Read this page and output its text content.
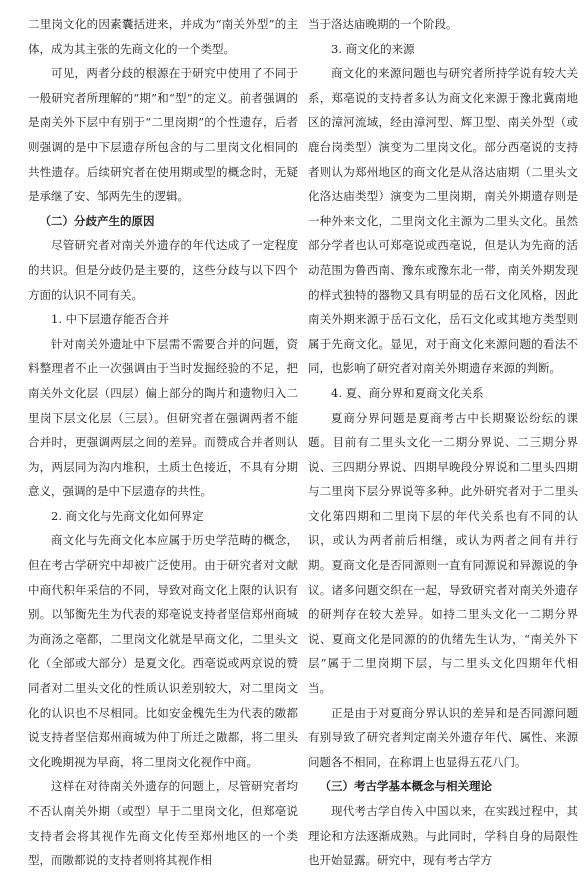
二里岗文化的因素囊括进来，并成为“南关外型”的主体，成为其主张的先商文化的一个类型。

可见，两者分歧的根源在于研究中使用了不同于一般研究者所理解的“期”和“型”的定义。前者强调的是南关外下层中有别于“二里岗期”的个性遗存，后者则强调的是中下层遗存所包含的与二里岗文化相同的共性遗存。后续研究者在使用期或型的概念时，无疑是承继了安、邹两先生的逻辑。

（二）分歧产生的原因

尽管研究者对南关外遗存的年代达成了一定程度的共识。但是分歧仍是主要的，这些分歧与以下四个方面的认识不同有关。

1. 中下层遗存能否合并

针对南关外遗址中下层需不需要合并的问题，资料整理者不止一次强调由于当时发掘经验的不足，把南关外文化层（四层）偏上部分的陶片和遗物归入二里岗下层文化层（三层）。但研究者在强调两者不能合并时，更强调两层之间的差异。而赞成合并者则认为，两层同为沟内堆积，土质土色接近，不具有分期意义，强调的是中下层遗存的共性。

2. 商文化与先商文化如何界定

商文化与先商文化本应属于历史学范畴的概念，但在考古学研究中却被广泛使用。由于研究者对文献中商代积年采信的不同，导致对商文化上限的认识有别。以邹衡先生为代表的郑亳说支持者坚信郑州商城为商汤之亳都，二里岗文化就是早商文化，二里头文化（全部或大部分）是夏文化。西亳说或两京说的赞同者对二里头文化的性质认识差别较大，对二里岗文化的认识也不尽相同。比如安金槐先生为代表的隞都说支持者坚信郑州商城为仲丁所迁之隞都，将二里头文化晚期视为早商，将二里岗文化视作中商。

这样在对待南关外遗存的问题上，尽管研究者均不否认南关外期（或型）早于二里岗文化，但郑亳说支持者会将其视作先商文化传至郑州地区的一个类型，而隞都说的支持者则将其视作相

当于洛达庙晚期的一个阶段。

3. 商文化的来源

商文化的来源问题也与研究者所持学说有较大关系，郑亳说的支持者多认为商文化来源于豫北冀南地区的漳河流域，经由漳河型、辉卫型、南关外型（或鹿台岗类型）演变为二里岗文化。部分西亳说的支持者则认为郑州地区的商文化是从洛达庙期（二里头文化洛达庙类型）演变为二里岗期，南关外期遗存则是一种外来文化，二里岗文化主源为二里头文化。虽然部分学者也认可郑亳说或西亳说，但是认为先商的活动范围为鲁西南、豫东或豫东北一带，南关外期发现的样式独特的器物又具有明显的岳石文化风格，因此南关外期来源于岳石文化，岳石文化或其地方类型则属于先商文化。显见，对于商文化来源问题的看法不同，也影响了研究者对南关外期遗存来源的判断。

4. 夏、商分界和夏商文化关系

夏商分界问题是夏商考古中长期聚讼纷纭的课题。目前有二里头文化一二期分界说、二三期分界说、三四期分界说、四期早晚段分界说和二里头四期与二里岗下层分界说等多种。此外研究者对于二里头文化第四期和二里岗下层的年代关系也有不同的认识，或认为两者前后相继，或认为两者之间有并行期。夏商文化是否同源则一直有同源说和异源说的争议。诸多问题交织在一起，导致研究者对南关外遗存的研判存在较大差异。如持二里头文化一二期分界说、夏商文化是同源的的仇绪先生认为，“南关外下层”属于二里岗期下层，与二里头文化四期年代相当。

正是由于对夏商分界认识的差异和是否同源问题有别导致了研究者判定南关外遗存年代、属性、来源问题各不相同，在称谓上也显得五花八门。

（三）考古学基本概念与相关理论

现代考古学自传入中国以来，在实践过程中，其理论和方法逐渐成熟。与此同时，学科自身的局限性也开始显露。研究中，现有考古学方
